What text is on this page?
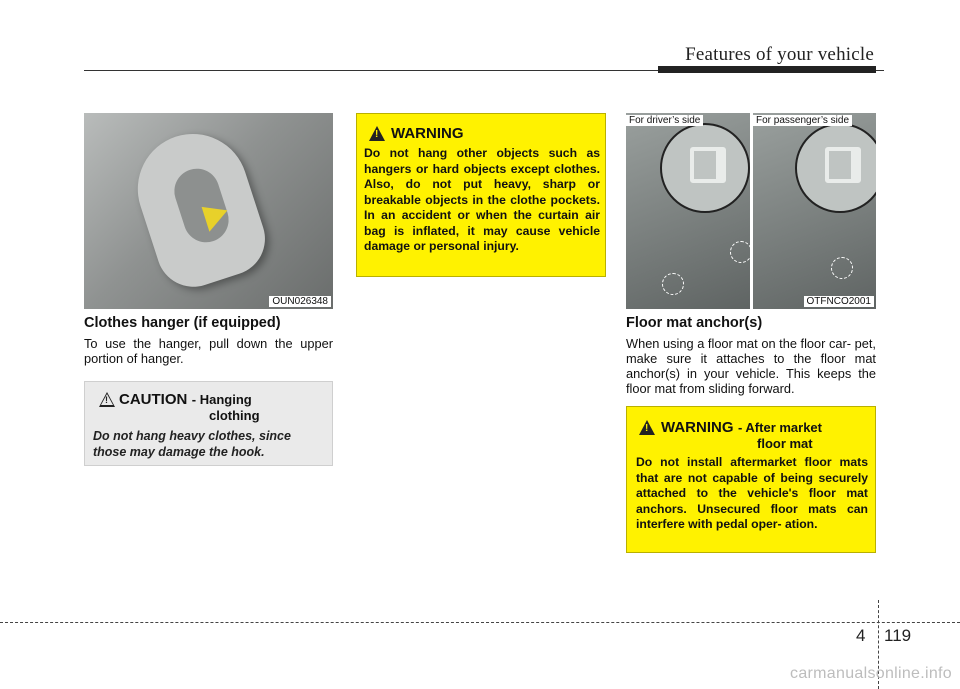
Features of your vehicle
OUN026348
Clothes hanger (if equipped)
To use the hanger, pull down the upper portion of hanger.
!
CAUTION - Hanging
clothing
Do not hang heavy clothes, since those may damage the hook.
!
WARNING
Do not hang other objects such as hangers or hard objects except clothes. Also, do not put heavy, sharp or breakable objects in the clothe pockets. In an accident or when the curtain air bag is inflated, it may cause vehicle damage or personal injury.
For driver’s side	For passenger’s side
OTFNCO2001
Floor mat anchor(s)
When using a floor mat on the floor car- pet, make sure it attaches to the floor mat anchor(s) in your vehicle. This keeps the floor mat from sliding forward.
!
WARNING - After market
floor mat
Do not install aftermarket floor mats that are not capable of being securely attached to the vehicle's floor mat anchors. Unsecured floor mats can interfere with pedal oper- ation.
4 119
carmanualsonline.info
